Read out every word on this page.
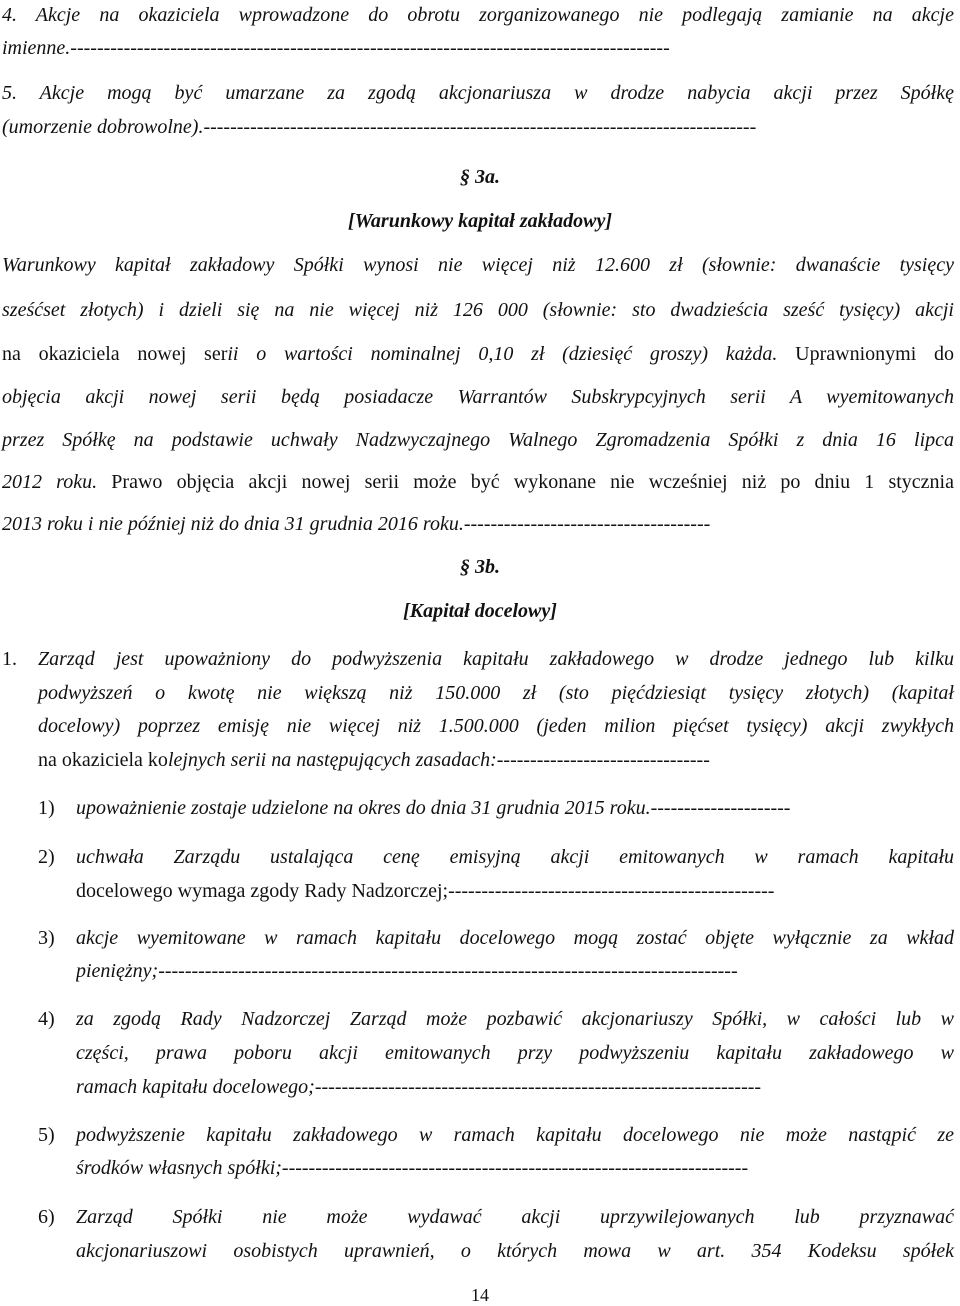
4. Akcje na okaziciela wprowadzone do obrotu zorganizowanego nie podlegają zamianie na akcje
imienne.------------------------------------------------------------------------------------------
5. Akcje mogą być umarzane za zgodą akcjonariusza w drodze nabycia akcji przez Spółkę
(umorzenie dobrowolne).-----------------------------------------------------------------------------------
§ 3a.
[Warunkowy kapitał zakładowy]
Warunkowy kapitał zakładowy Spółki wynosi nie więcej niż 12.600 zł (słownie: dwanaście tysięcy
sześćset złotych) i dzieli się na nie więcej niż 126 000 (słownie: sto dwadzieścia sześć tysięcy) akcji
na okaziciela nowej serii o wartości nominalnej 0,10 zł (dziesięć groszy) każda. Uprawnionymi do
objęcia akcji nowej serii będą posiadacze Warrantów Subskrypcyjnych serii A wyemitowanych
przez Spółkę na podstawie uchwały Nadzwyczajnego Walnego Zgromadzenia Spółki z dnia 16 lipca
2012 roku. Prawo objęcia akcji nowej serii może być wykonane nie wcześniej niż po dniu 1 stycznia
2013 roku i nie później niż do dnia 31 grudnia 2016 roku.-------------------------------------
§ 3b.
[Kapitał docelowy]
1. Zarząd jest upoważniony do podwyższenia kapitału zakładowego w drodze jednego lub kilku
podwyższeń o kwotę nie większą niż 150.000 zł (sto pięćdziesiąt tysięcy złotych) (kapitał
docelowy) poprzez emisję nie więcej niż 1.500.000 (jeden milion pięćset tysięcy) akcji zwykłych
na okaziciela kolejnych serii na następujących zasadach:--------------------------------
1) upoważnienie zostaje udzielone na okres do dnia 31 grudnia 2015 roku.---------------------
2) uchwała Zarządu ustalająca cenę emisyjną akcji emitowanych w ramach kapitału
docelowego wymaga zgody Rady Nadzorczej;-------------------------------------------------
3) akcje wyemitowane w ramach kapitału docelowego mogą zostać objęte wyłącznie za wkład
pieniężny;---------------------------------------------------------------------------------------
4) za zgodą Rady Nadzorczej Zarząd może pozbawić akcjonariuszy Spółki, w całości lub w
części, prawa poboru akcji emitowanych przy podwyższeniu kapitału zakładowego w
ramach kapitału docelowego;-------------------------------------------------------------------
5) podwyższenie kapitału zakładowego w ramach kapitału docelowego nie może nastąpić ze
środków własnych spółki;----------------------------------------------------------------------
6) Zarząd Spółki nie może wydawać akcji uprzywilejowanych lub przyznawać
akcjonariuszowi osobistych uprawnień, o których mowa w art. 354 Kodeksu spółek
14
